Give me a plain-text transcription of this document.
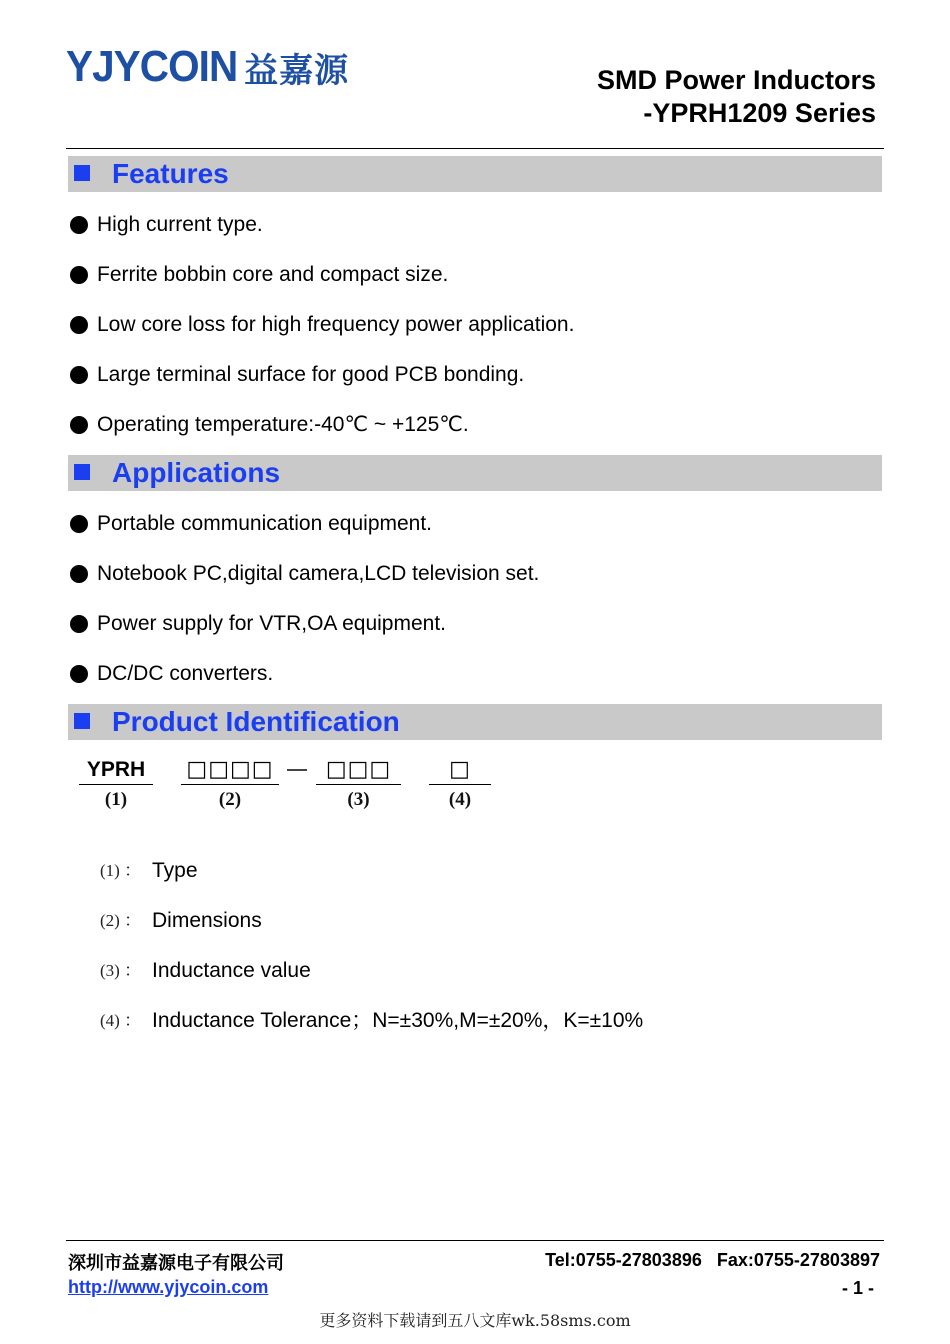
YJYCOIN 益嘉源	SMD Power Inductors
-YPRH1209 Series
Features
High current type.
Ferrite bobbin core and compact size.
Low core loss for high frequency power application.
Large terminal surface for good PCB bonding.
Operating temperature:-40℃ ~ +125℃.
Applications
Portable communication equipment.
Notebook PC,digital camera,LCD television set.
Power supply for VTR,OA equipment.
DC/DC converters.
Product Identification
YPRH
(1)
□□□□
(2)
□□□
(3)
□
(4)
(1) ： Type
(2) ： Dimensions
(3) ： Inductance value
(4) ： Inductance Tolerance；N=±30%,M=±20%，K=±10%
深圳市益嘉源电子有限公司	Tel:0755-27803896   Fax:0755-27803897
http://www.yjycoin.com	- 1 -
更多资料下载请到五八文库wk.58sms.com
